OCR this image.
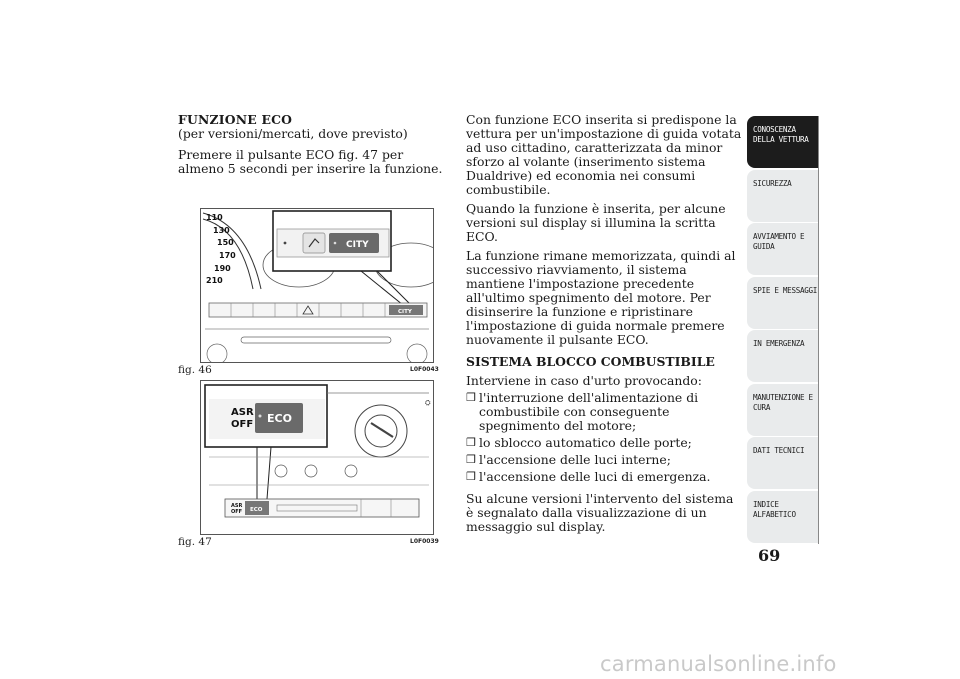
FUNZIONE ECO

(per versioni/mercati, dove previsto)

Premere il pulsante ECO fig. 47 per almeno 5 secondi per inserire la funzione.

110
130
150
170
190
210
CITY
CITY
fig. 46	L0F0043
ASR
OFF ECO
⛭
ASR
OFF ECO
fig. 47	L0F0039

Con funzione ECO inserita si predispone la vettura per un'impostazione di guida votata ad uso cittadino, caratterizzata da minor sforzo al volante (inserimento sistema Dualdrive) ed economia nei consumi combustibile.

Quando la funzione è inserita, per alcune versioni sul display si illumina la scritta ECO.

La funzione rimane memorizzata, quindi al successivo riavviamento, il sistema mantiene l'impostazione precedente all'ultimo spegnimento del motore. Per disinserire la funzione e ripristinare l'impostazione di guida normale premere nuovamente il pulsante ECO.

SISTEMA BLOCCO COMBUSTIBILE

Interviene in caso d'urto provocando:

❒ l'interruzione dell'alimentazione di combustibile con conseguente spegnimento del motore;
❒ lo sblocco automatico delle porte;
❒ l'accensione delle luci interne;
❒ l'accensione delle luci di emergenza.

Su alcune versioni l'intervento del sistema è segnalato dalla visualizzazione di un messaggio sul display.

CONOSCENZA
DELLA VETTURA
SICUREZZA
AVVIAMENTO E
GUIDA
SPIE E MESSAGGI
IN EMERGENZA
MANUTENZIONE E
CURA
DATI TECNICI
INDICE
ALFABETICO
69
carmanualsonline.info
